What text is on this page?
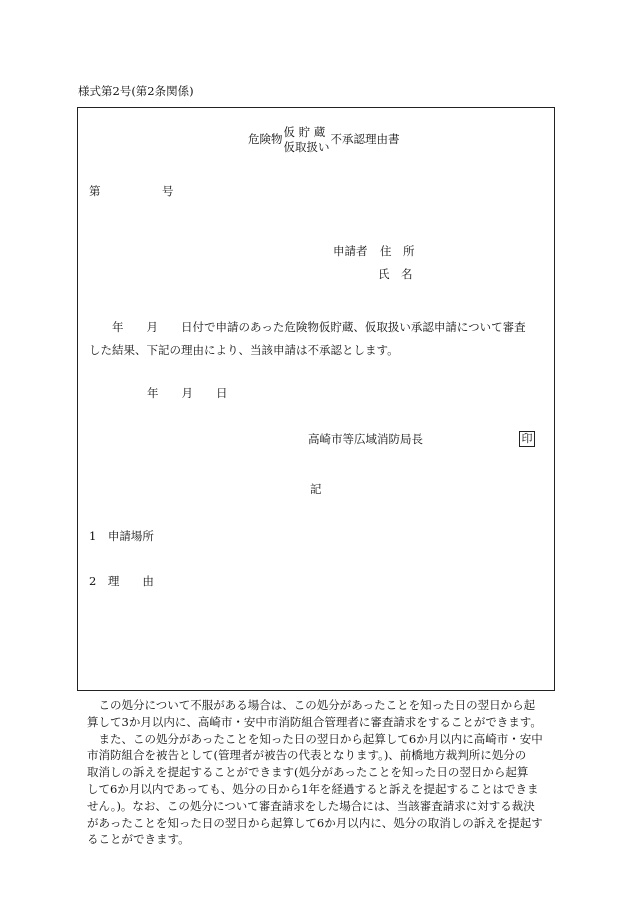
様式第2号(第2条関係)
危険物
仮 貯 蔵
仮取扱い
不承認理由書
第	号
申請者 住　所
氏　名
　　年　　月　　日付で申請のあった危険物仮貯蔵、仮取扱い承認申請について審査
した結果、下記の理由により、当該申請は不承認とします。
年　　月　　日
高崎市等広域消防局長	印
記
1　申請場所
2　理　　由

　この処分について不服がある場合は、この処分があったことを知った日の翌日から起

算して3か月以内に、高崎市・安中市消防組合管理者に審査請求をすることができます。

　また、この処分があったことを知った日の翌日から起算して6か月以内に高崎市・安中

市消防組合を被告として(管理者が被告の代表となります。)、前橋地方裁判所に処分の

取消しの訴えを提起することができます(処分があったことを知った日の翌日から起算

して6か月以内であっても、処分の日から1年を経過すると訴えを提起することはできま

せん。)。なお、この処分について審査請求をした場合には、当該審査請求に対する裁決

があったことを知った日の翌日から起算して6か月以内に、処分の取消しの訴えを提起す

ることができます。
